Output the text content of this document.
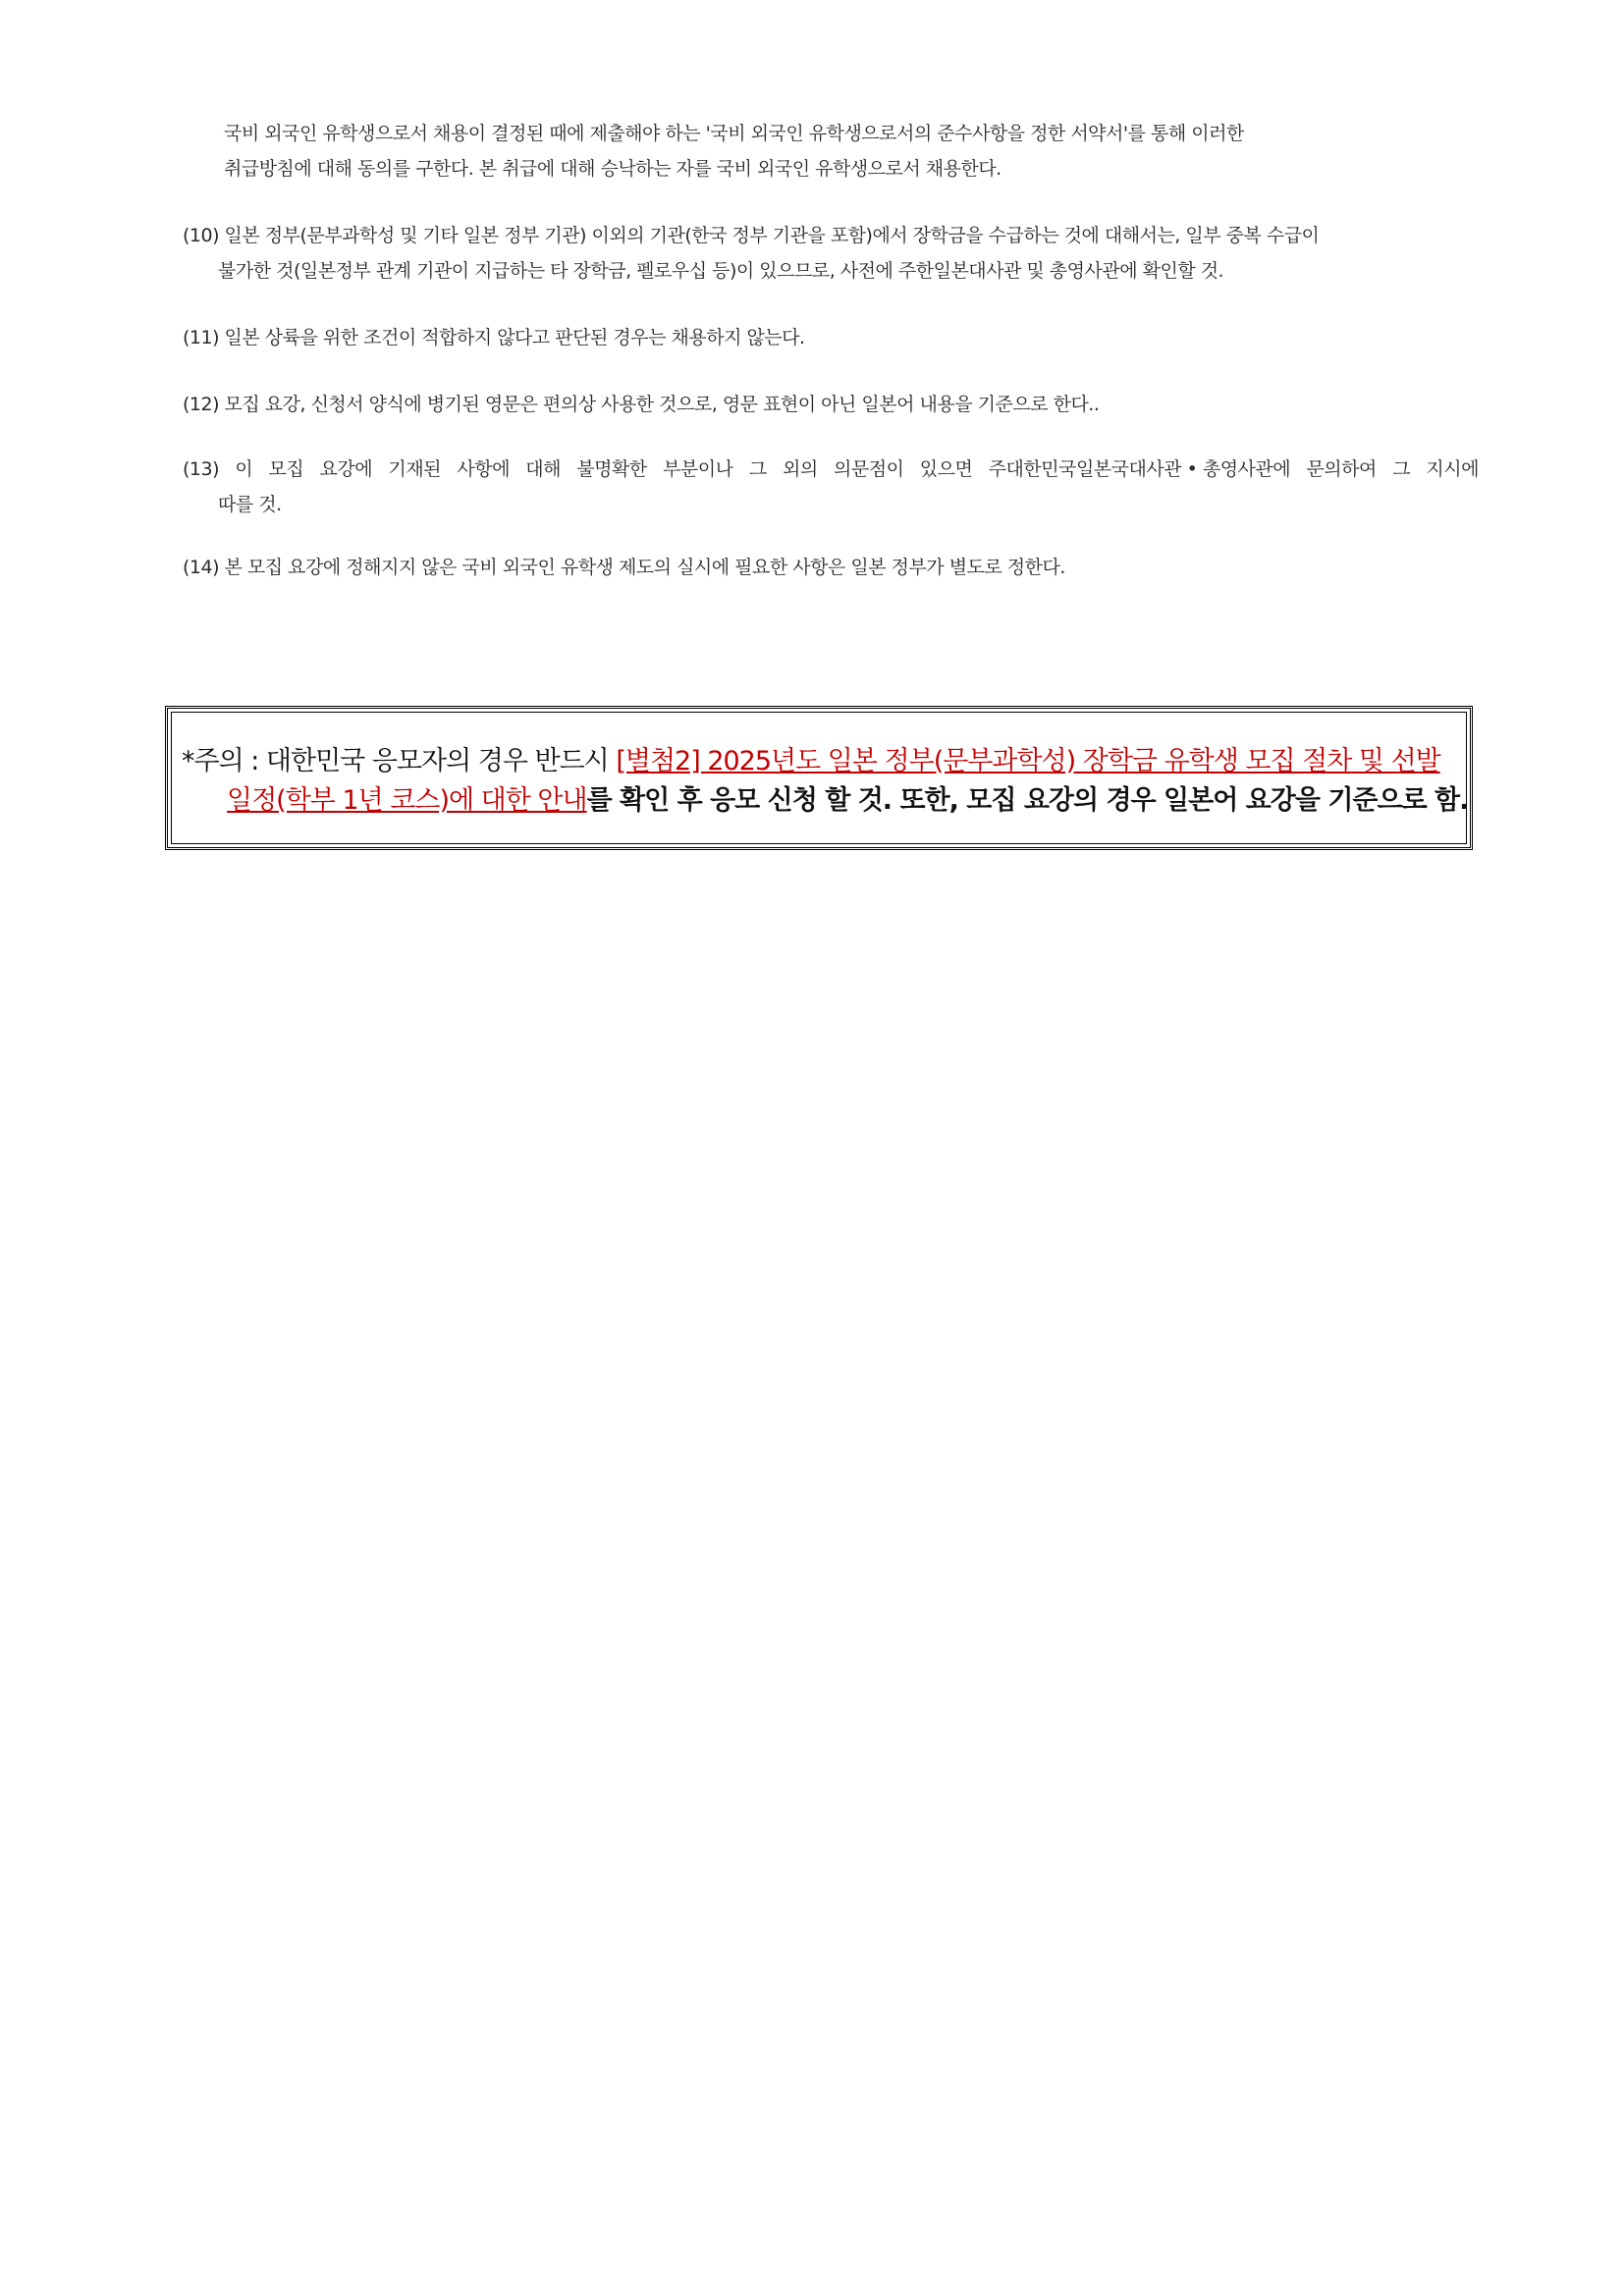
국비 외국인 유학생으로서 채용이 결정된 때에 제출해야 하는 '국비 외국인 유학생으로서의 준수사항을 정한 서약서'를 통해 이러한
취급방침에 대해 동의를 구한다. 본 취급에 대해 승낙하는 자를 국비 외국인 유학생으로서 채용한다.
(10) 일본 정부(문부과학성 및 기타 일본 정부 기관) 이외의 기관(한국 정부 기관을 포함)에서 장학금을 수급하는 것에 대해서는, 일부 중복 수급이
불가한 것(일본정부 관계 기관이 지급하는 타 장학금, 펠로우십 등)이 있으므로, 사전에 주한일본대사관 및 총영사관에 확인할 것.
(11) 일본 상륙을 위한 조건이 적합하지 않다고 판단된 경우는 채용하지 않는다.
(12) 모집 요강, 신청서 양식에 병기된 영문은 편의상 사용한 것으로, 영문 표현이 아닌 일본어 내용을 기준으로 한다..
(13) 이 모집 요강에 기재된 사항에 대해 불명확한 부분이나 그 외의 의문점이 있으면 주대한민국일본국대사관 • 총영사관에 문의하여 그 지시에
따를 것.
(14) 본 모집 요강에 정해지지 않은 국비 외국인 유학생 제도의 실시에 필요한 사항은 일본 정부가 별도로 정한다.
*주의 : 대한민국 응모자의 경우 반드시 [별첨2] 2025년도 일본 정부(문부과학성) 장학금 유학생 모집 절차 및 선발
일정(학부 1년 코스)에 대한 안내를 확인 후 응모 신청 할 것. 또한, 모집 요강의 경우 일본어 요강을 기준으로 함.
